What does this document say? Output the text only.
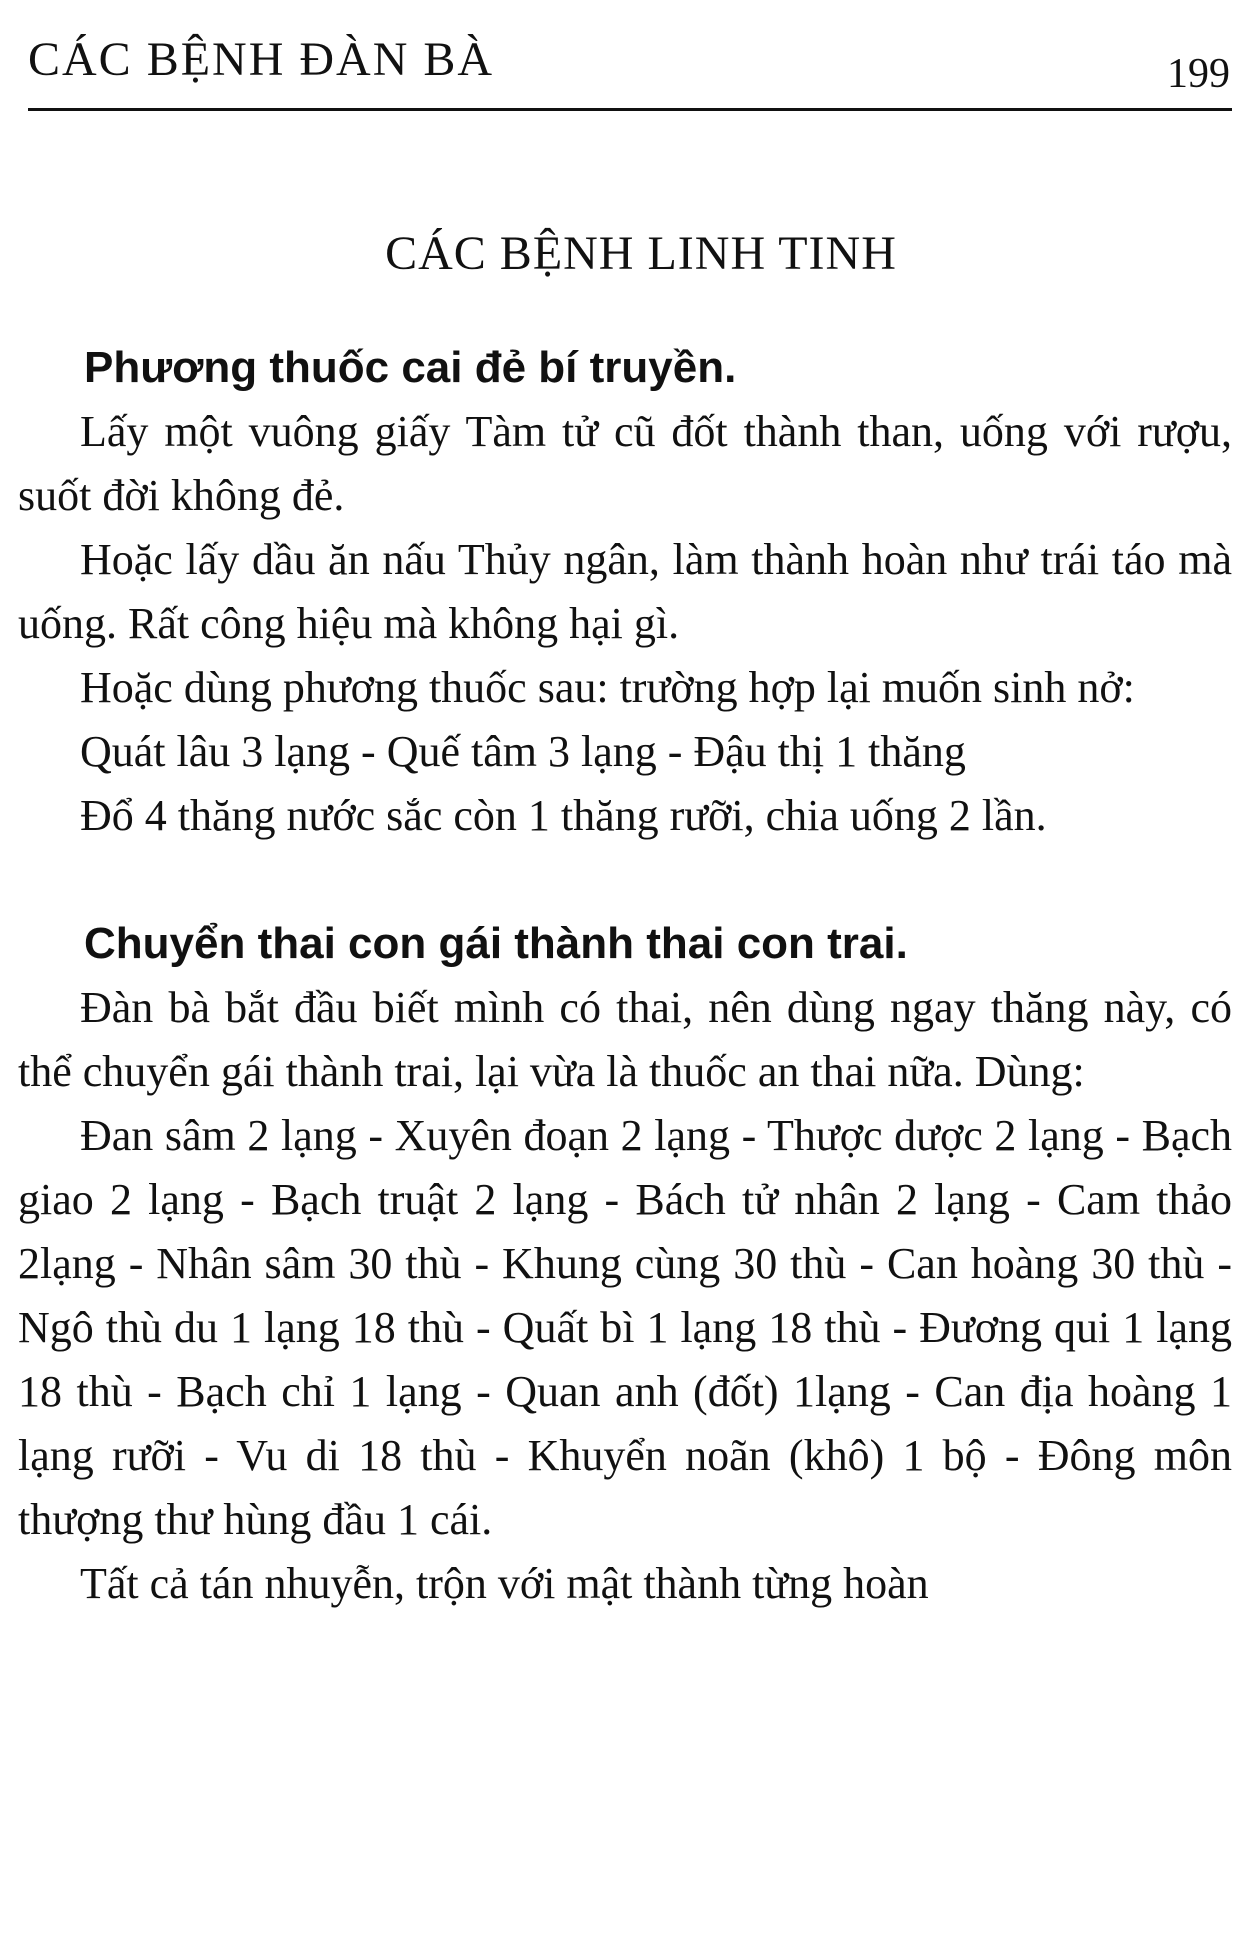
CÁC BỆNH ĐÀN BÀ	199
CÁC BỆNH LINH TINH
Phương thuốc cai đẻ bí truyền.

Lấy một vuông giấy Tàm tử cũ đốt thành than, uống với rượu, suốt đời không đẻ.

Hoặc lấy dầu ăn nấu Thủy ngân, làm thành hoàn như trái táo mà uống. Rất công hiệu mà không hại gì.

Hoặc dùng phương thuốc sau: trường hợp lại muốn sinh nở:

Quát lâu 3 lạng - Quế tâm 3 lạng - Đậu thị 1 thăng

Đổ 4 thăng nước sắc còn 1 thăng rưỡi, chia uống 2 lần.

Chuyển thai con gái thành thai con trai.

Đàn bà bắt đầu biết mình có thai, nên dùng ngay thăng này, có thể chuyển gái thành trai, lại vừa là thuốc an thai nữa. Dùng:

Đan sâm 2 lạng - Xuyên đoạn 2 lạng - Thược dược 2 lạng - Bạch giao 2 lạng - Bạch truật 2 lạng - Bách tử nhân 2 lạng - Cam thảo 2lạng - Nhân sâm 30 thù - Khung cùng 30 thù - Can hoàng 30 thù - Ngô thù du 1 lạng 18 thù - Quất bì 1 lạng 18 thù - Đương qui 1 lạng 18 thù - Bạch chỉ 1 lạng - Quan anh (đốt) 1lạng - Can địa hoàng 1 lạng rưỡi - Vu di 18 thù - Khuyển noãn (khô) 1 bộ - Đông môn thượng thư hùng đầu 1 cái.

Tất cả tán nhuyễn, trộn với mật thành từng hoàn
